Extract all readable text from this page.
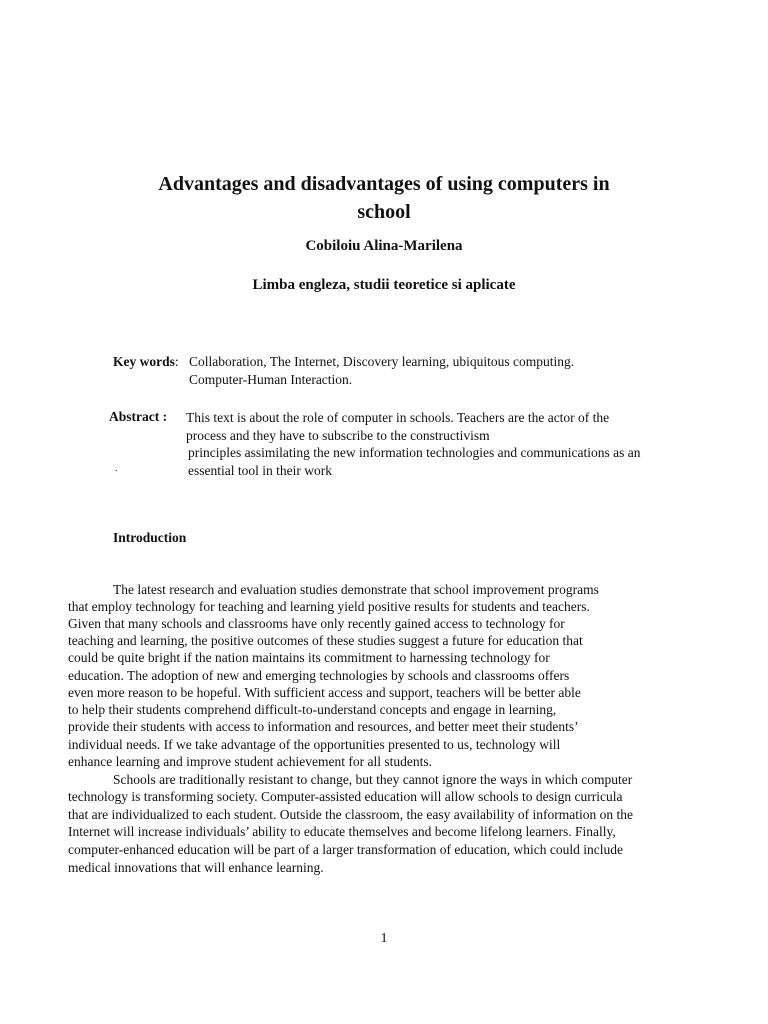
Advantages and disadvantages of using computers in
school
Cobiloiu Alina-Marilena
Limba engleza, studii teoretice si aplicate
Key words: Collaboration, The Internet, Discovery learning, ubiquitous computing.
Computer-Human Interaction.
Abstract : This text is about the role of computer in schools. Teachers are the actor of the
process and they have to subscribe to the constructivism
principles assimilating the new information technologies and communications as an
essential tool in their work
.
Introduction
The latest research and evaluation studies demonstrate that school improvement programs
that employ technology for teaching and learning yield positive results for students and teachers.
Given that many schools and classrooms have only recently gained access to technology for
teaching and learning, the positive outcomes of these studies suggest a future for education that
could be quite bright if the nation maintains its commitment to harnessing technology for
education. The adoption of new and emerging technologies by schools and classrooms offers
even more reason to be hopeful. With sufficient access and support, teachers will be better able
to help their students comprehend difficult-to-understand concepts and engage in learning,
provide their students with access to information and resources, and better meet their students’
individual needs. If we take advantage of the opportunities presented to us, technology will
enhance learning and improve student achievement for all students.
Schools are traditionally resistant to change, but they cannot ignore the ways in which computer
technology is transforming society. Computer-assisted education will allow schools to design curricula
that are individualized to each student. Outside the classroom, the easy availability of information on the
Internet will increase individuals’ ability to educate themselves and become lifelong learners. Finally,
computer-enhanced education will be part of a larger transformation of education, which could include
medical innovations that will enhance learning.
1
